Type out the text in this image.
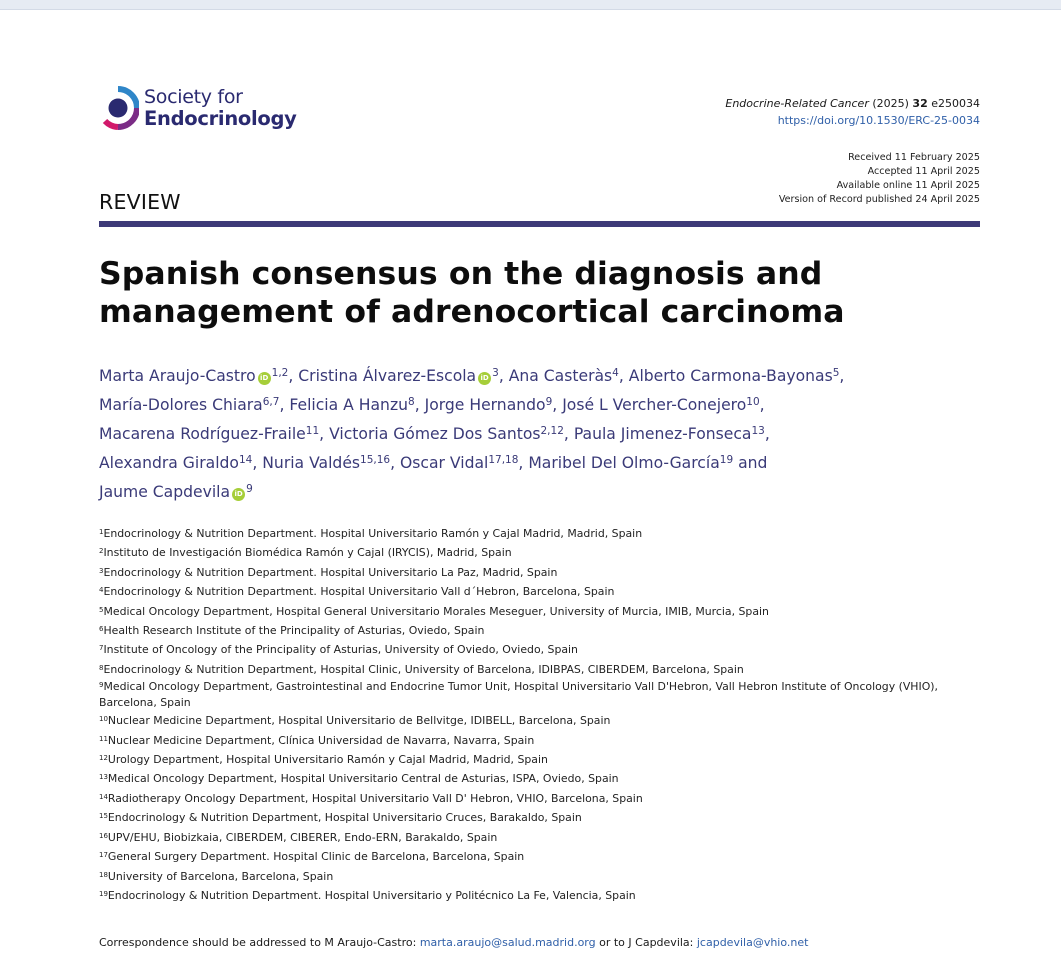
Society for
Endocrinology
Endocrine-Related Cancer (2025) 32 e250034
https://doi.org/10.1530/ERC-25-0034
Received 11 February 2025
Accepted 11 April 2025
Available online 11 April 2025
Version of Record published 24 April 2025
REVIEW
Spanish consensus on the diagnosis and
management of adrenocortical carcinoma
Marta Araujo-Castro iD $^{1,2}$, Cristina Álvarez-Escola iD $^3$, Ana Casteràs$^4$, Alberto Carmona-Bayonas$^5$,
María-Dolores Chiara$^{6,7}$, Felicia A Hanzu$^8$, Jorge Hernando$^9$, José L Vercher-Conejero$^{10}$,
Macarena Rodríguez-Fraile$^{11}$, Victoria Gómez Dos Santos$^{2,12}$, Paula Jimenez-Fonseca$^{13}$,
Alexandra Giraldo$^{14}$, Nuria Valdés$^{15,16}$, Oscar Vidal$^{17,18}$, Maribel Del Olmo-García$^{19}$ and
Jaume Capdevila iD $^9$
$^1$Endocrinology & Nutrition Department. Hospital Universitario Ramón y Cajal Madrid, Madrid, Spain
$^2$Instituto de Investigación Biomédica Ramón y Cajal (IRYCIS), Madrid, Spain
$^3$Endocrinology & Nutrition Department. Hospital Universitario La Paz, Madrid, Spain
$^4$Endocrinology & Nutrition Department. Hospital Universitario Vall d´Hebron, Barcelona, Spain
$^5$Medical Oncology Department, Hospital General Universitario Morales Meseguer, University of Murcia, IMIB, Murcia, Spain
$^6$Health Research Institute of the Principality of Asturias, Oviedo, Spain
$^7$Institute of Oncology of the Principality of Asturias, University of Oviedo, Oviedo, Spain
$^8$Endocrinology & Nutrition Department, Hospital Clinic, University of Barcelona, IDIBPAS, CIBERDEM, Barcelona, Spain
$^9$Medical Oncology Department, Gastrointestinal and Endocrine Tumor Unit, Hospital Universitario Vall D'Hebron, Vall Hebron Institute of Oncology (VHIO),
Barcelona, Spain
$^{10}$Nuclear Medicine Department, Hospital Universitario de Bellvitge, IDIBELL, Barcelona, Spain
$^{11}$Nuclear Medicine Department, Clínica Universidad de Navarra, Navarra, Spain
$^{12}$Urology Department, Hospital Universitario Ramón y Cajal Madrid, Madrid, Spain
$^{13}$Medical Oncology Department, Hospital Universitario Central de Asturias, ISPA, Oviedo, Spain
$^{14}$Radiotherapy Oncology Department, Hospital Universitario Vall D' Hebron, VHIO, Barcelona, Spain
$^{15}$Endocrinology & Nutrition Department, Hospital Universitario Cruces, Barakaldo, Spain
$^{16}$UPV/EHU, Biobizkaia, CIBERDEM, CIBERER, Endo-ERN, Barakaldo, Spain
$^{17}$General Surgery Department. Hospital Clinic de Barcelona, Barcelona, Spain
$^{18}$University of Barcelona, Barcelona, Spain
$^{19}$Endocrinology & Nutrition Department. Hospital Universitario y Politécnico La Fe, Valencia, Spain
Correspondence should be addressed to M Araujo-Castro: marta.araujo@salud.madrid.org or to J Capdevila: jcapdevila@vhio.net
